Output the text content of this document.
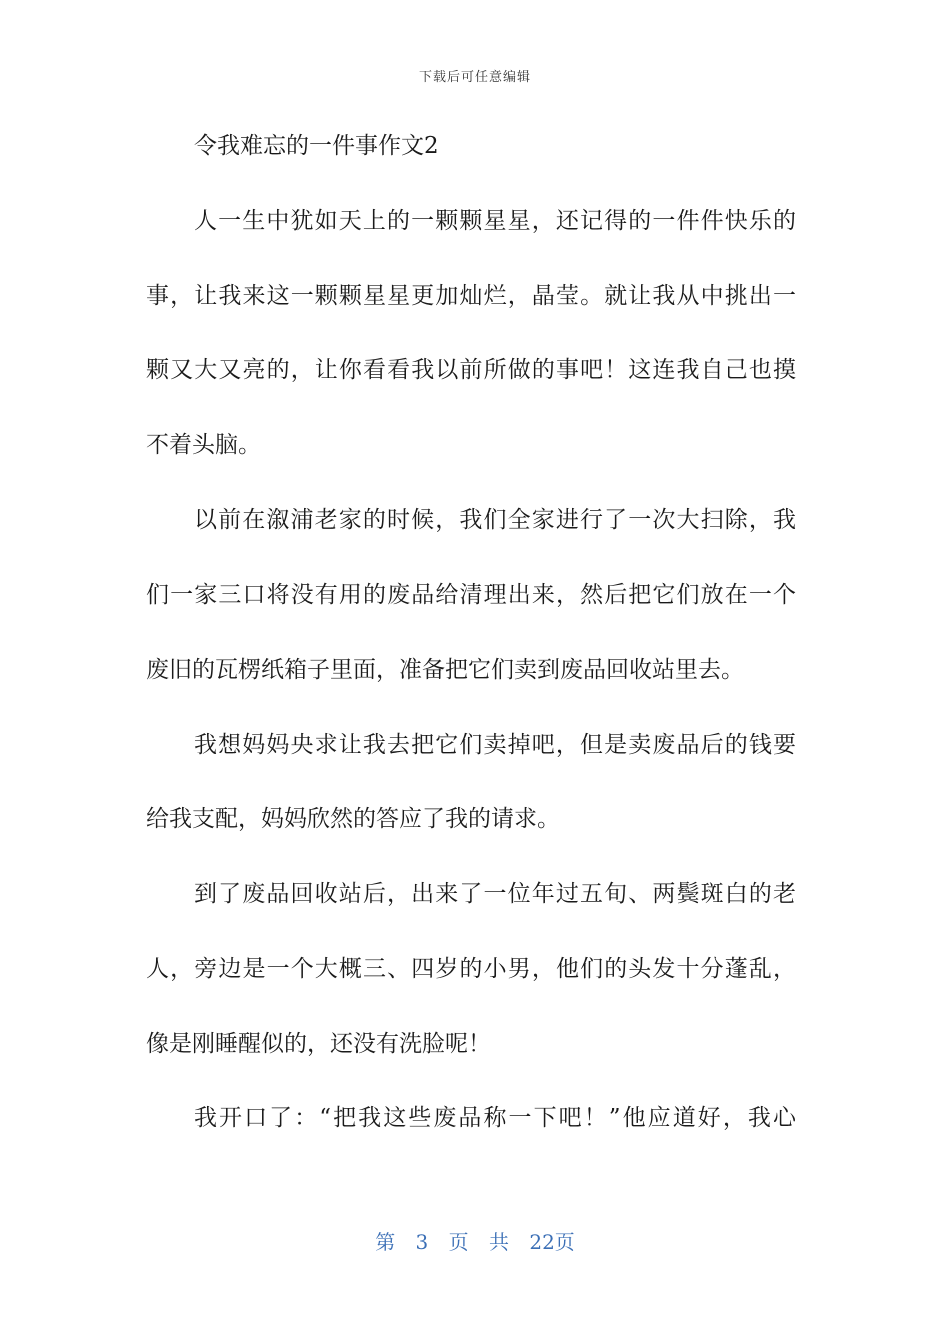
下载后可任意编辑
令我难忘的一件事作文2
人一生中犹如天上的一颗颗星星，还记得的一件件快乐的
事，让我来这一颗颗星星更加灿烂，晶莹。就让我从中挑出一
颗又大又亮的，让你看看我以前所做的事吧！这连我自己也摸
不着头脑。
以前在溆浦老家的时候，我们全家进行了一次大扫除，我
们一家三口将没有用的废品给清理出来，然后把它们放在一个
废旧的瓦楞纸箱子里面，准备把它们卖到废品回收站里去。
我想妈妈央求让我去把它们卖掉吧，但是卖废品后的钱要
给我支配，妈妈欣然的答应了我的请求。
到了废品回收站后，出来了一位年过五旬、两鬓斑白的老
人，旁边是一个大概三、四岁的小男，他们的头发十分蓬乱，
像是刚睡醒似的，还没有洗脸呢！
我开口了：“把我这些废品称一下吧！”他应道好，我心
第 3 页 共 22页
